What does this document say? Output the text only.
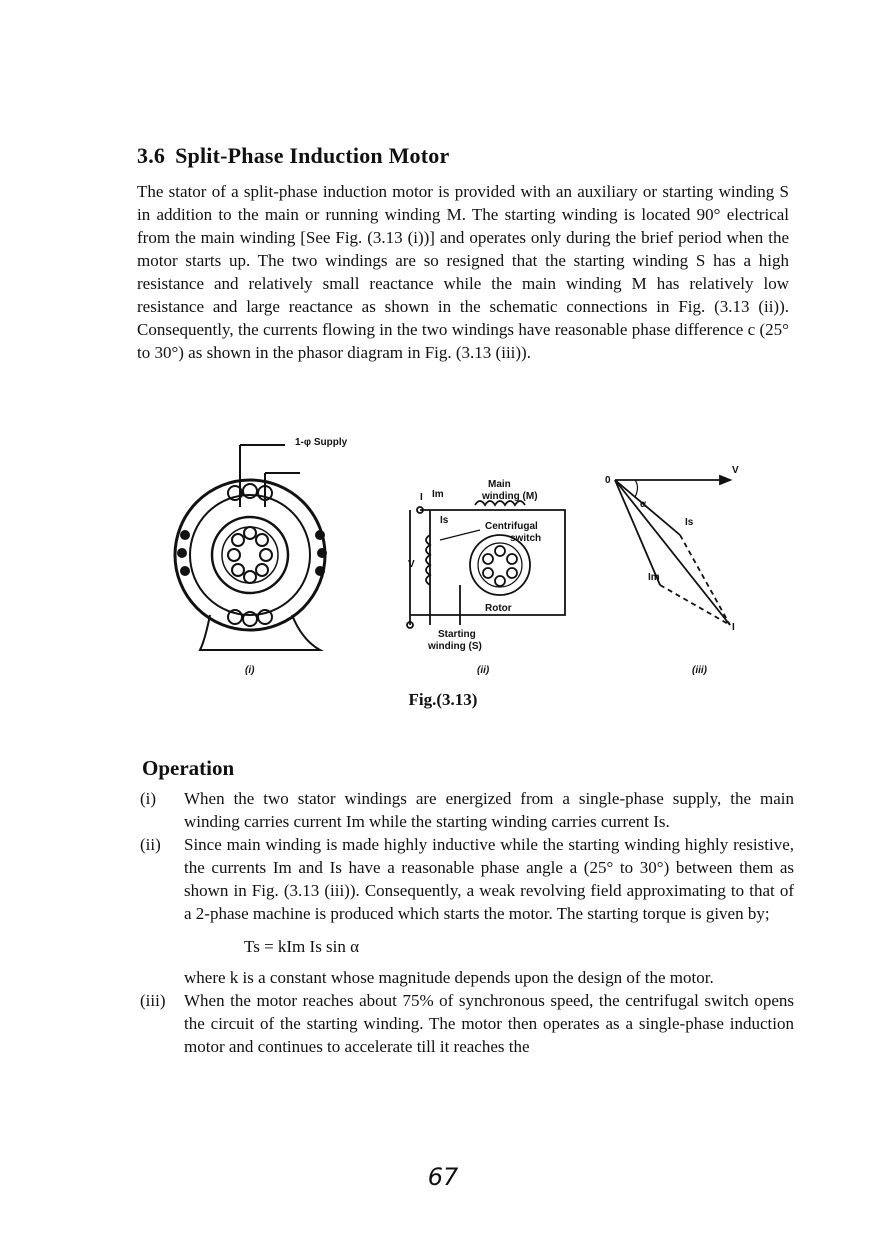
3.6 Split-Phase Induction Motor

The stator of a split-phase induction motor is provided with an auxiliary or starting winding S in addition to the main or running winding M. The starting winding is located 90° electrical from the main winding [See Fig. (3.13 (i))] and operates only during the brief period when the motor starts up. The two windings are so resigned that the starting winding S has a high resistance and relatively small reactance while the main winding M has relatively low resistance and large reactance as shown in the schematic connections in Fig. (3.13 (ii)). Consequently, the currents flowing in the two windings have reasonable phase difference c (25° to 30°) as shown in the phasor diagram in Fig. (3.13 (iii)).

1-φ Supply
Main
winding (M)
Centrifugal
switch
Rotor
Starting
winding (S)
I Im
Is
V
0
V
α
Is
Im
I
(i)	(ii)	(iii)
Fig.(3.13)
Operation
(i) When the two stator windings are energized from a single-phase supply, the main winding carries current Im while the starting winding carries current Is.
(ii) Since main winding is made highly inductive while the starting winding highly resistive, the currents Im and Is have a reasonable phase angle a (25° to 30°) between them as shown in Fig. (3.13 (iii)). Consequently, a weak revolving field approximating to that of a 2-phase machine is produced which starts the motor. The starting torque is given by;
Ts = kIm Is sin α
where k is a constant whose magnitude depends upon the design of the motor.
(iii) When the motor reaches about 75% of synchronous speed, the centrifugal switch opens the circuit of the starting winding. The motor then operates as a single-phase induction motor and continues to accelerate till it reaches the
67
